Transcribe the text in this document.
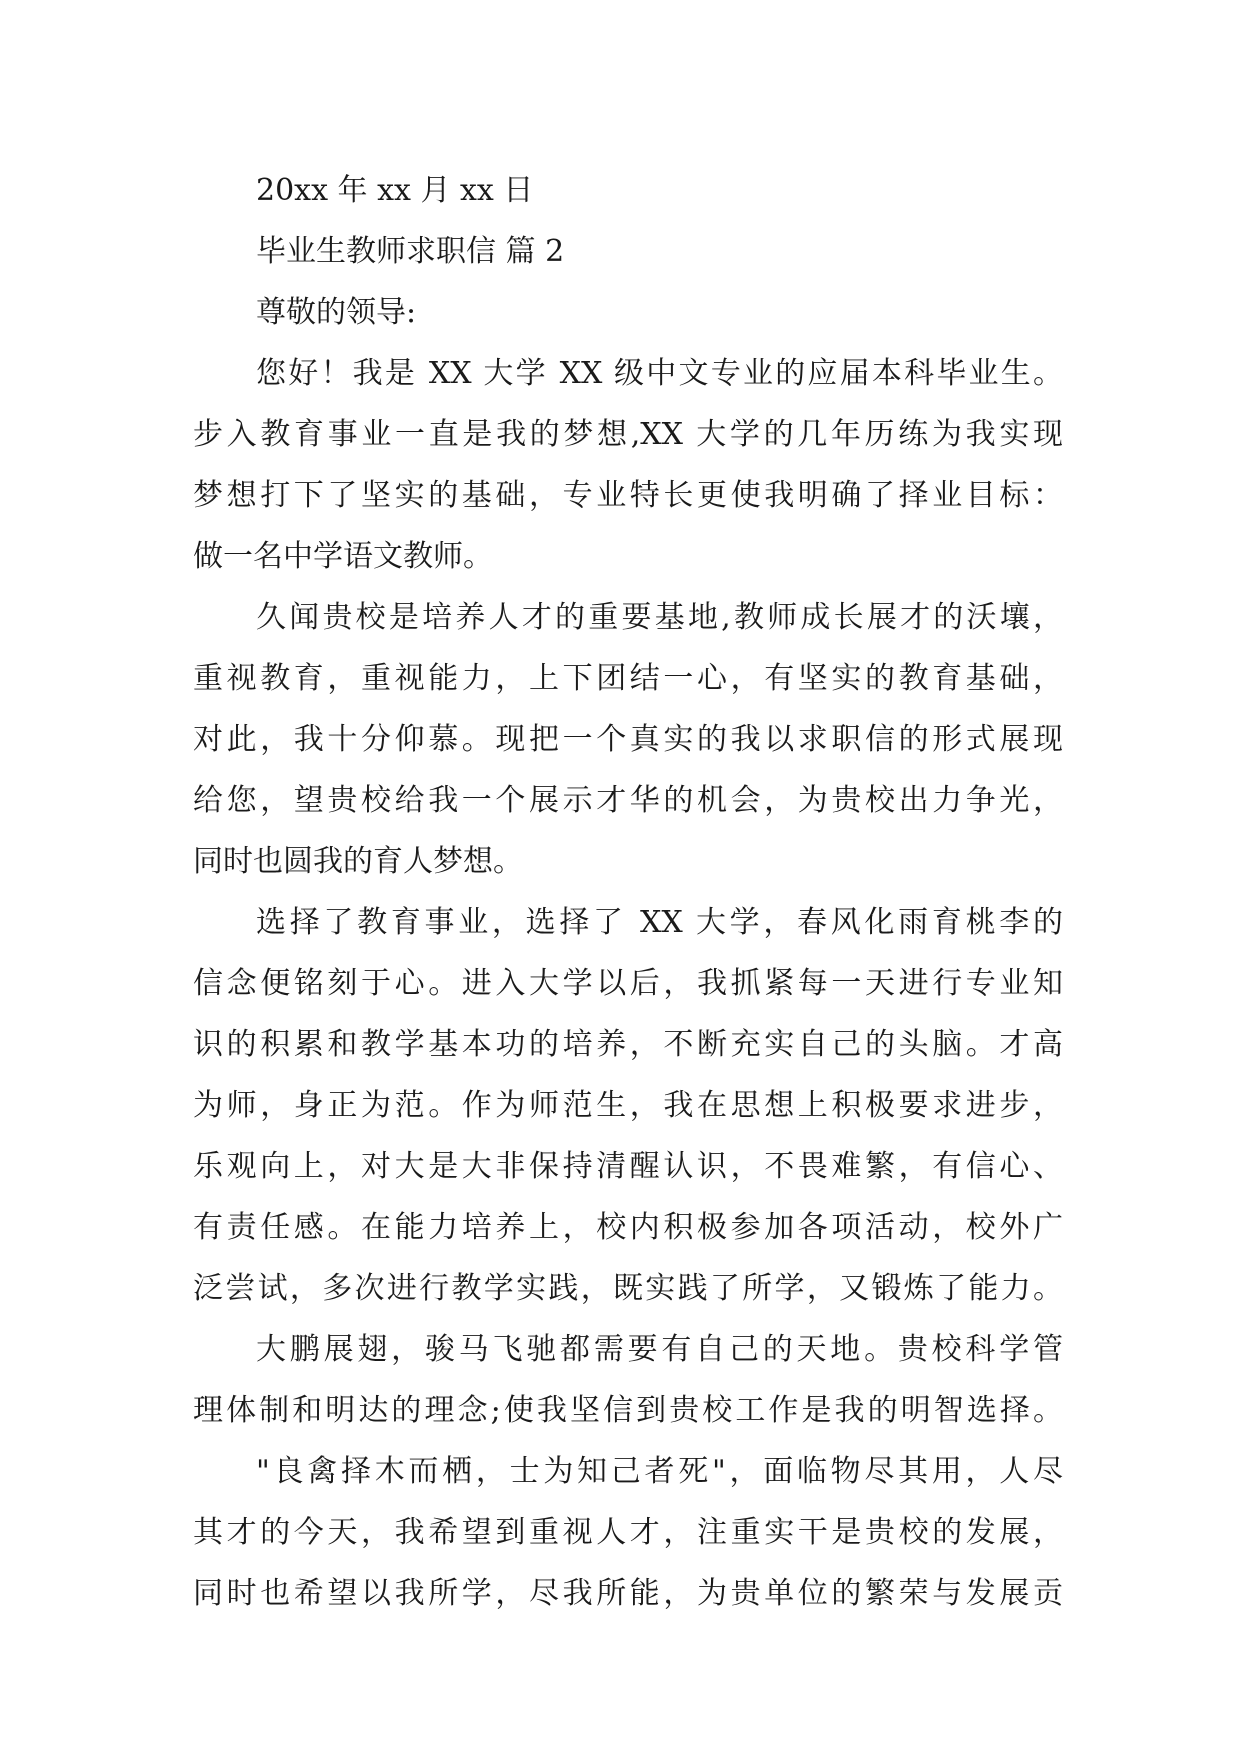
20xx 年 xx 月 xx 日
毕业生教师求职信 篇 2
尊敬的领导:
您好！我是 XX 大学 XX 级中文专业的应届本科毕业生。
步入教育事业一直是我的梦想,XX 大学的几年历练为我实现
梦想打下了坚实的基础，专业特长更使我明确了择业目标：
做一名中学语文教师。
久闻贵校是培养人才的重要基地,教师成长展才的沃壤，
重视教育，重视能力，上下团结一心，有坚实的教育基础，
对此，我十分仰慕。现把一个真实的我以求职信的形式展现
给您，望贵校给我一个展示才华的机会，为贵校出力争光，
同时也圆我的育人梦想。
选择了教育事业，选择了 XX 大学，春风化雨育桃李的
信念便铭刻于心。进入大学以后，我抓紧每一天进行专业知
识的积累和教学基本功的培养，不断充实自己的头脑。才高
为师，身正为范。作为师范生，我在思想上积极要求进步，
乐观向上，对大是大非保持清醒认识，不畏难繁，有信心、
有责任感。在能力培养上，校内积极参加各项活动，校外广
泛尝试，多次进行教学实践，既实践了所学，又锻炼了能力。
大鹏展翅，骏马飞驰都需要有自己的天地。贵校科学管
理体制和明达的理念;使我坚信到贵校工作是我的明智选择。
"良禽择木而栖，士为知己者死"，面临物尽其用，人尽
其才的今天，我希望到重视人才，注重实干是贵校的发展，
同时也希望以我所学，尽我所能，为贵单位的繁荣与发展贡
